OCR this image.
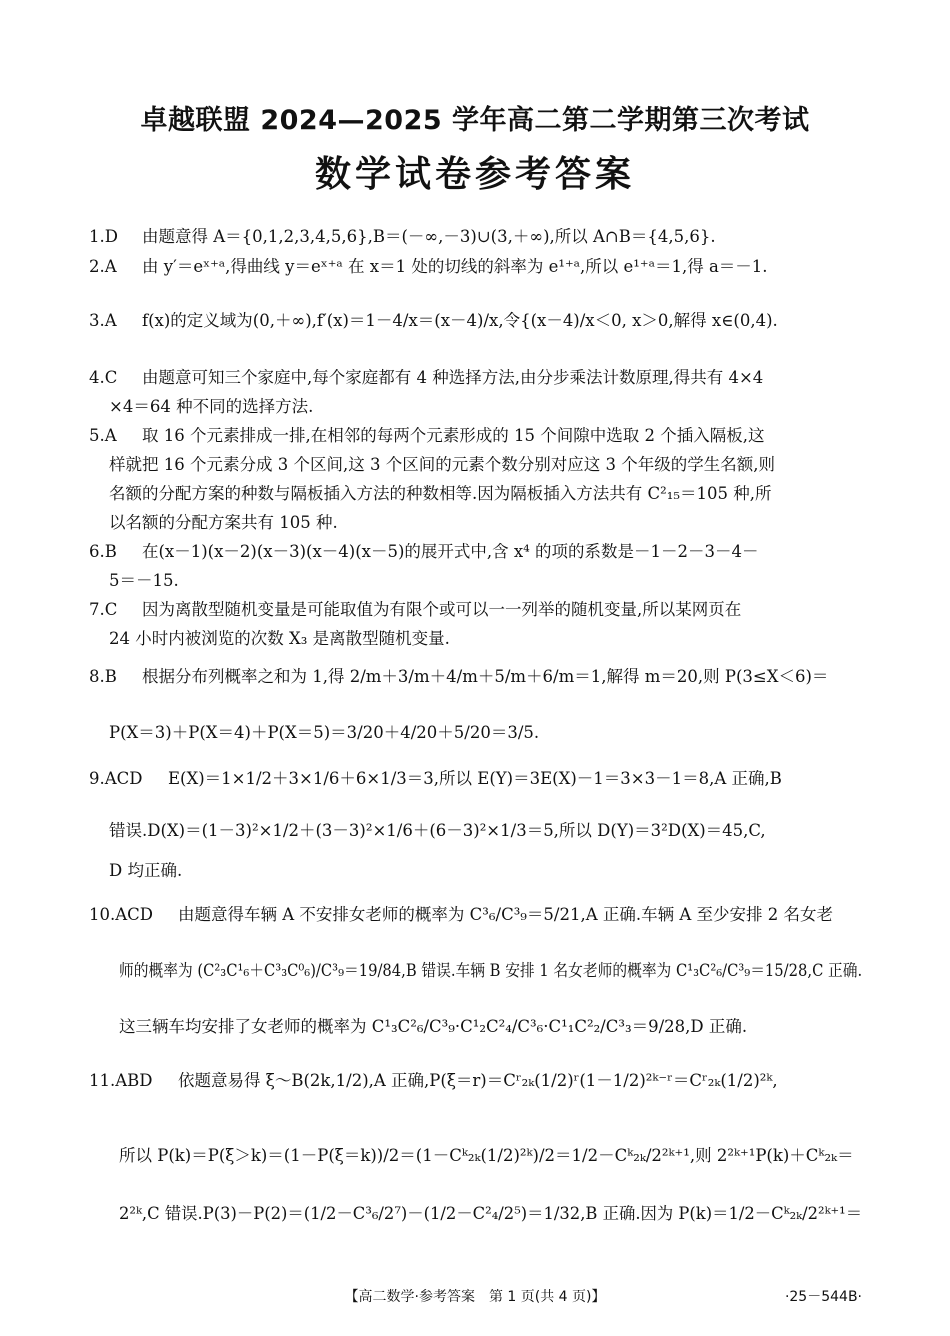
卓越联盟 2024—2025 学年高二第二学期第三次考试
数学试卷参考答案
1.D 由题意得 A＝{0,1,2,3,4,5,6},B＝(－∞,－3)∪(3,＋∞),所以 A∩B＝{4,5,6}.
2.A 由 y′＝eˣ⁺ᵃ,得曲线 y＝eˣ⁺ᵃ 在 x＝1 处的切线的斜率为 e¹⁺ᵃ,所以 e¹⁺ᵃ＝1,得 a＝－1.
3.A f(x)的定义域为(0,＋∞),f′(x)＝1－4/x＝(x－4)/x,令{(x－4)/x＜0, x＞0,解得 x∈(0,4).
4.C 由题意可知三个家庭中,每个家庭都有 4 种选择方法,由分步乘法计数原理,得共有 4×4
×4＝64 种不同的选择方法.
5.A 取 16 个元素排成一排,在相邻的每两个元素形成的 15 个间隙中选取 2 个插入隔板,这
样就把 16 个元素分成 3 个区间,这 3 个区间的元素个数分别对应这 3 个年级的学生名额,则
名额的分配方案的种数与隔板插入方法的种数相等.因为隔板插入方法共有 C²₁₅＝105 种,所
以名额的分配方案共有 105 种.
6.B 在(x－1)(x－2)(x－3)(x－4)(x－5)的展开式中,含 x⁴ 的项的系数是－1－2－3－4－
5＝－15.
7.C 因为离散型随机变量是可能取值为有限个或可以一一列举的随机变量,所以某网页在
24 小时内被浏览的次数 X₃ 是离散型随机变量.
8.B 根据分布列概率之和为 1,得 2/m＋3/m＋4/m＋5/m＋6/m＝1,解得 m＝20,则 P(3≤X＜6)＝
P(X＝3)＋P(X＝4)＋P(X＝5)＝3/20＋4/20＋5/20＝3/5.
9.ACD E(X)＝1×1/2＋3×1/6＋6×1/3＝3,所以 E(Y)＝3E(X)－1＝3×3－1＝8,A 正确,B
错误.D(X)＝(1－3)²×1/2＋(3－3)²×1/6＋(6－3)²×1/3＝5,所以 D(Y)＝3²D(X)＝45,C,
D 均正确.
10.ACD 由题意得车辆 A 不安排女老师的概率为 C³₆/C³₉＝5/21,A 正确.车辆 A 至少安排 2 名女老
师的概率为 (C²₃C¹₆＋C³₃C⁰₆)/C³₉＝19/84,B 错误.车辆 B 安排 1 名女老师的概率为 C¹₃C²₆/C³₉＝15/28,C 正确.
这三辆车均安排了女老师的概率为 C¹₃C²₆/C³₉·C¹₂C²₄/C³₆·C¹₁C²₂/C³₃＝9/28,D 正确.
11.ABD 依题意易得 ξ～B(2k,1/2),A 正确,P(ξ＝r)＝Cʳ₂ₖ(1/2)ʳ(1－1/2)²ᵏ⁻ʳ＝Cʳ₂ₖ(1/2)²ᵏ,
所以 P(k)＝P(ξ＞k)＝(1－P(ξ＝k))/2＝(1－Cᵏ₂ₖ(1/2)²ᵏ)/2＝1/2－Cᵏ₂ₖ/2²ᵏ⁺¹,则 2²ᵏ⁺¹P(k)＋Cᵏ₂ₖ＝
2²ᵏ,C 错误.P(3)－P(2)＝(1/2－C³₆/2⁷)－(1/2－C²₄/2⁵)＝1/32,B 正确.因为 P(k)＝1/2－Cᵏ₂ₖ/2²ᵏ⁺¹＝
【高二数学·参考答案　第 1 页(共 4 页)】	·25－544B·
